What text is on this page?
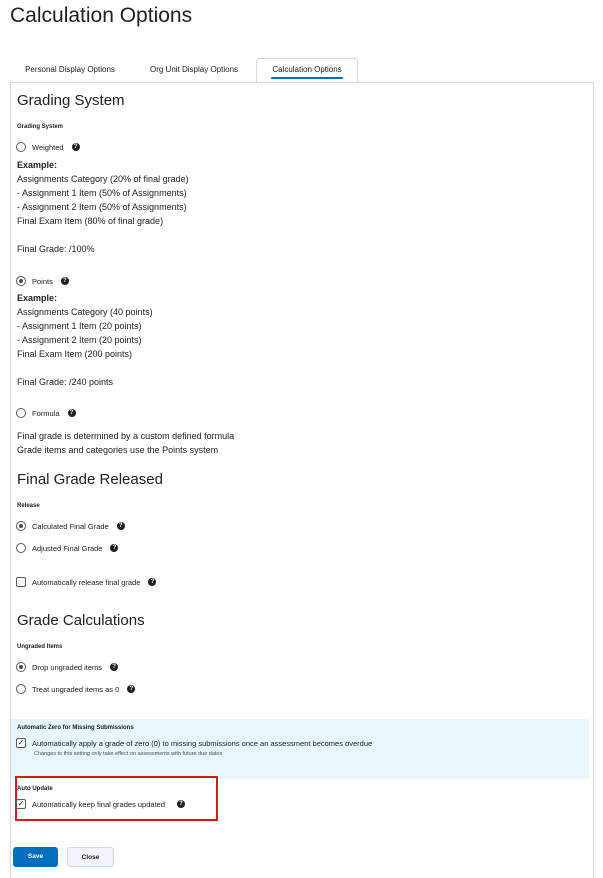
Calculation Options
Personal Display Options	Org Unit Display Options	Calculation Options
Grading System
Grading System
Weighted	?
Example:
Assignments Category (20% of final grade)
- Assignment 1 Item (50% of Assignments)
- Assignment 2 Item (50% of Assignments)
Final Exam Item (80% of final grade)
Final Grade: /100%
Points	?
Example:
Assignments Category (40 points)
- Assignment 1 Item (20 points)
- Assignment 2 Item (20 points)
Final Exam Item (200 points)
Final Grade: /240 points
Formula	?
Final grade is determined by a custom defined formula
Grade items and categories use the Points system
Final Grade Released
Release
Calculated Final Grade	?
Adjusted Final Grade	?
Automatically release final grade	?
Grade Calculations
Ungraded Items
Drop ungraded items	?
Treat ungraded items as 0	?
Automatic Zero for Missing Submissions
✓ Automatically apply a grade of zero (0) to missing submissions once an assessment becomes overdue
Changes to this setting only take effect on assessments with future due dates
Auto Update
✓ Automatically keep final grades updated	?
Save	Close
